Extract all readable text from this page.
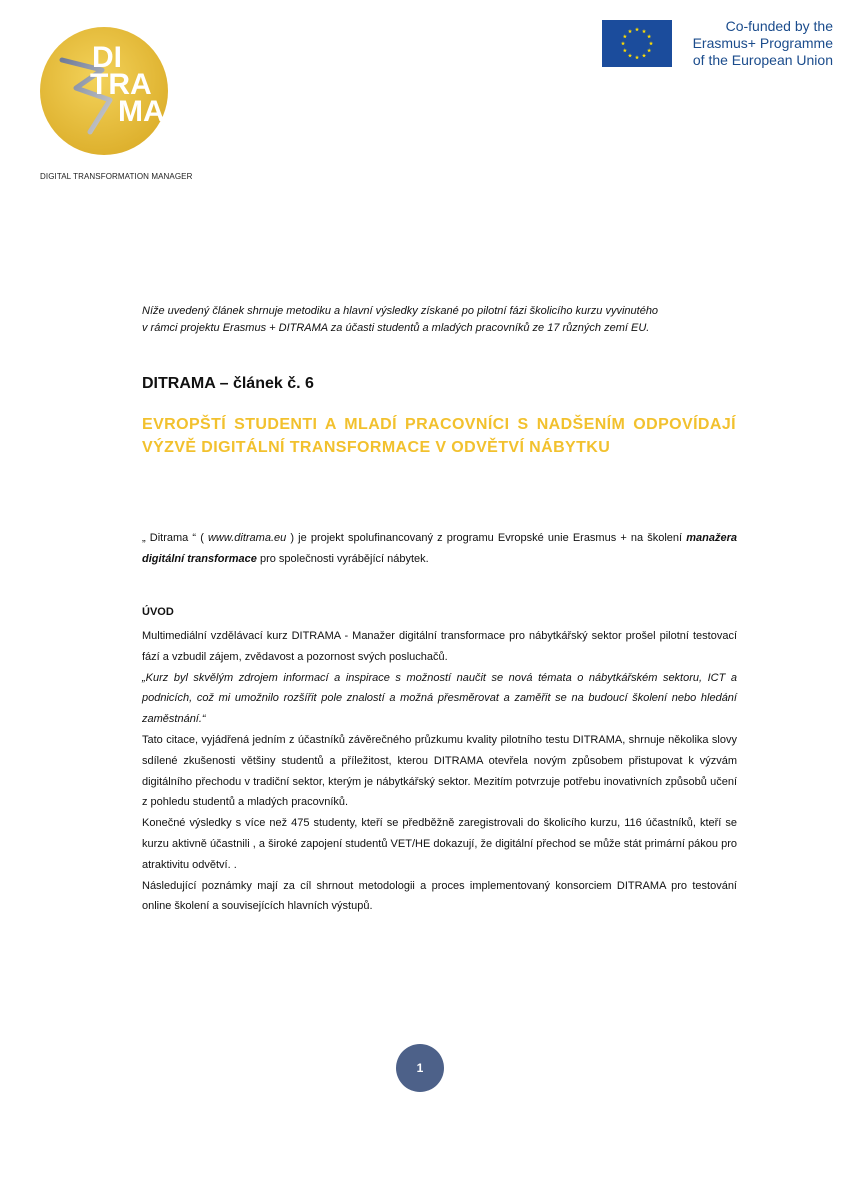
DI
TRA
MA
DIGITAL TRANSFORMATION MANAGER
Co-funded by the
Erasmus+ Programme
of the European Union
Níže uvedený článek shrnuje metodiku a hlavní výsledky získané po pilotní fázi školicího kurzu vyvinutého
v rámci projektu Erasmus + DITRAMA za účasti studentů a mladých pracovníků ze 17 různých zemí EU.
DITRAMA – článek č. 6
EVROPŠTÍ STUDENTI A MLADÍ PRACOVNÍCI S NADŠENÍM ODPOVÍDAJÍ VÝZVĚ DIGITÁLNÍ TRANSFORMACE V ODVĚTVÍ NÁBYTKU
„ Ditrama “ ( www.ditrama.eu ) je projekt spolufinancovaný z programu Evropské unie Erasmus + na školení manažera digitální transformace pro společnosti vyrábějící nábytek.
ÚVOD

Multimediální vzdělávací kurz DITRAMA - Manažer digitální transformace pro nábytkářský sektor prošel pilotní testovací fází a vzbudil zájem, zvědavost a pozornost svých posluchačů.

„Kurz byl skvělým zdrojem informací a inspirace s možností naučit se nová témata o nábytkářském sektoru, ICT a podnicích, což mi umožnilo rozšířit pole znalostí a možná přesměrovat a zaměřit se na budoucí školení nebo hledání zaměstnání.“

Tato citace, vyjádřená jedním z účastníků závěrečného průzkumu kvality pilotního testu DITRAMA, shrnuje několika slovy sdílené zkušenosti většiny studentů a příležitost, kterou DITRAMA otevřela novým způsobem přistupovat k výzvám digitálního přechodu v tradiční sektor, kterým je nábytkářský sektor. Mezitím potvrzuje potřebu inovativních způsobů učení z pohledu studentů a mladých pracovníků.

Konečné výsledky s více než 475 studenty, kteří se předběžně zaregistrovali do školicího kurzu, 116 účastníků, kteří se kurzu aktivně účastnili , a široké zapojení studentů VET/HE dokazují, že digitální přechod se může stát primární pákou pro atraktivitu odvětví. .

Následující poznámky mají za cíl shrnout metodologii a proces implementovaný konsorciem DITRAMA pro testování online školení a souvisejících hlavních výstupů.

1
